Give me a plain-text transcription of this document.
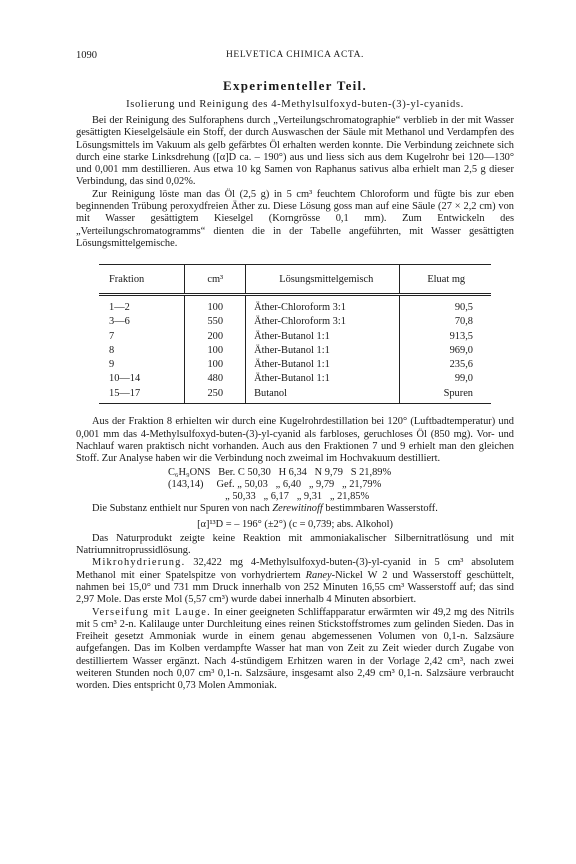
1090	HELVETICA CHIMICA ACTA.
Experimenteller Teil.
Isolierung und Reinigung des 4-Methylsulfoxyd-buten-(3)-yl-cyanids.

Bei der Reinigung des Sulforaphens durch „Verteilungschromatographie“ verblieb in der mit Wasser gesättigten Kieselgelsäule ein Stoff, der durch Auswaschen der Säule mit Methanol und Verdampfen des Lösungsmittels im Vakuum als gelb gefärbtes Öl erhalten werden konnte. Die Verbindung zeichnete sich durch eine starke Linksdrehung ([α]D ca. – 190°) aus und liess sich aus dem Kugelrohr bei 120—130° und 0,001 mm destillieren. Aus etwa 10 kg Samen von Raphanus sativus alba erhielt man 2,5 g dieser Verbindung, das sind 0,02%.

Zur Reinigung löste man das Öl (2,5 g) in 5 cm³ feuchtem Chloroform und fügte bis zur eben beginnenden Trübung peroxydfreien Äther zu. Diese Lösung goss man auf eine Säule (27 × 2,2 cm) von mit Wasser gesättigtem Kieselgel (Korngrösse 0,1 mm). Zum Entwickeln des „Verteilungschromatogramms“ dienten die in der Tabelle angeführten, mit Wasser gesättigten Lösungsmittelgemische.

Fraktion	cm³	Lösungsmittelgemisch	Eluat mg
1—2	100	Äther-Chloroform 3:1	90,5
3—6	550	Äther-Chloroform 3:1	70,8
7	200	Äther-Butanol 1:1	913,5
8	100	Äther-Butanol 1:1	969,0
9	100	Äther-Butanol 1:1	235,6
10—14	480	Äther-Butanol 1:1	99,0
15—17	250	Butanol	Spuren

Aus der Fraktion 8 erhielten wir durch eine Kugelrohrdestillation bei 120° (Luftbadtemperatur) und 0,001 mm das 4-Methylsulfoxyd-buten-(3)-yl-cyanid als farbloses, geruchloses Öl (850 mg). Vor- und Nachlauf waren praktisch nicht vorhanden. Auch aus den Fraktionen 7 und 9 erhielt man den gleichen Stoff. Zur Analyse haben wir die Verbindung noch zweimal im Hochvakuum destilliert.

C₆H₉ONS   Ber. C 50,30   H 6,34   N 9,79   S 21,89%
(143,14)     Gef. „ 50,03   „ 6,40   „ 9,79   „ 21,79%
„ 50,33   „ 6,17   „ 9,31   „ 21,85%

Die Substanz enthielt nur Spuren von nach Zerewitinoff bestimmbaren Wasserstoff.

[α]¹³D = – 196° (±2°) (c = 0,739; abs. Alkohol)

Das Naturprodukt zeigte keine Reaktion mit ammoniakalischer Silbernitratlösung und mit Natriumnitroprussidlösung.

Mikrohydrierung. 32,422 mg 4-Methylsulfoxyd-buten-(3)-yl-cyanid in 5 cm³ absolutem Methanol mit einer Spatelspitze von vorhydriertem Raney-Nickel W 2 und Wasserstoff geschüttelt, nahmen bei 15,0° und 731 mm Druck innerhalb von 252 Minuten 16,55 cm³ Wasserstoff auf; das sind 2,97 Mole. Das erste Mol (5,57 cm³) wurde dabei innerhalb 4 Minuten absorbiert.

Verseifung mit Lauge. In einer geeigneten Schliffapparatur erwärmten wir 49,2 mg des Nitrils mit 5 cm³ 2-n. Kalilauge unter Durchleitung eines reinen Stickstoffstromes zum gelinden Sieden. Das in Freiheit gesetzt Ammoniak wurde in einem genau abgemessenen Volumen von 0,1-n. Salzsäure aufgefangen. Das im Kolben verdampfte Wasser hat man von Zeit zu Zeit wieder durch Zugabe von destilliertem Wasser ergänzt. Nach 4-stündigem Erhitzen waren in der Vorlage 2,42 cm³, nach zwei weiteren Stunden noch 0,07 cm³ 0,1-n. Salzsäure, insgesamt also 2,49 cm³ 0,1-n. Salzsäure verbraucht worden. Dies entspricht 0,73 Molen Ammoniak.
